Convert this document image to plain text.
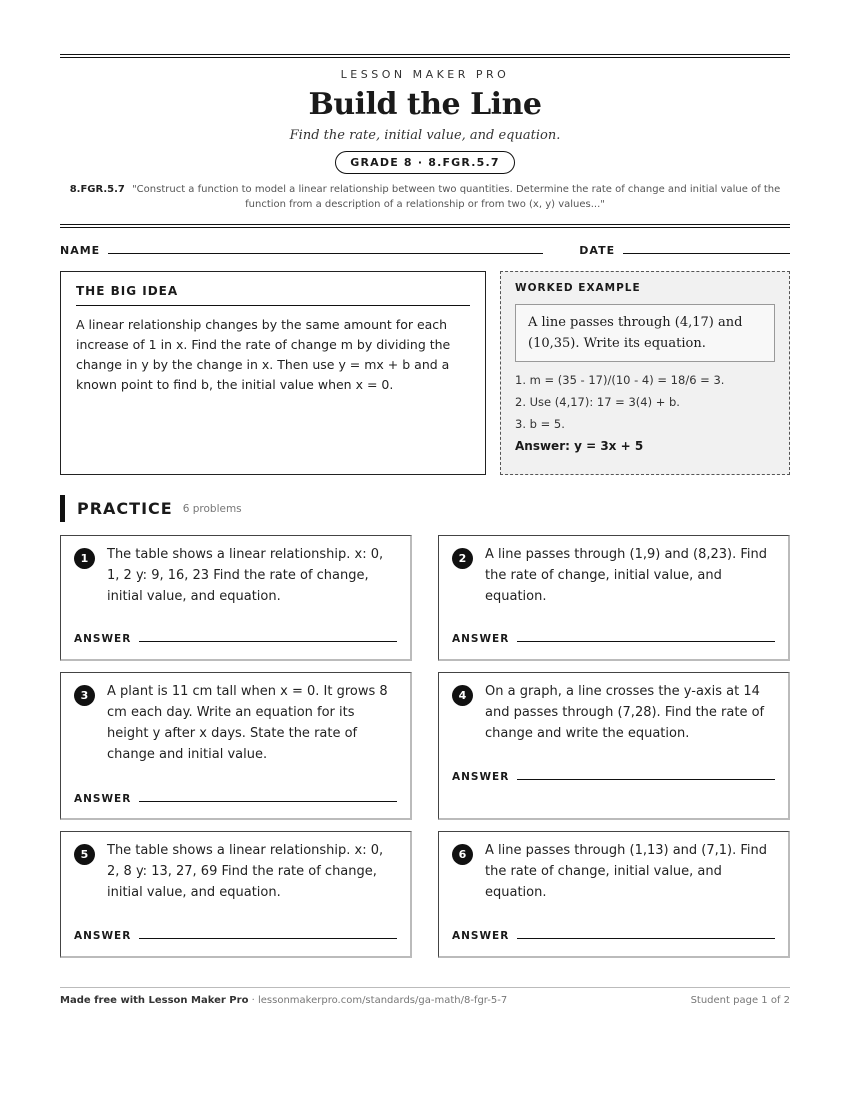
LESSON MAKER PRO
Build the Line
Find the rate, initial value, and equation.
GRADE 8 · 8.FGR.5.7
8.FGR.5.7 "Construct a function to model a linear relationship between two quantities. Determine the rate of change and initial value of the function from a description of a relationship or from two (x, y) values..."
NAME	DATE
THE BIG IDEA

A linear relationship changes by the same amount for each increase of 1 in x. Find the rate of change m by dividing the change in y by the change in x. Then use y = mx + b and a known point to find b, the initial value when x = 0.

WORKED EXAMPLE
A line passes through (4,17) and (10,35). Write its equation.
1. m = (35 - 17)/(10 - 4) = 18/6 = 3.
2. Use (4,17): 17 = 3(4) + b.
3. b = 5.
Answer: y = 3x + 5
PRACTICE 6 problems
1	The table shows a linear relationship. x: 0, 1, 2 y: 9, 16, 23 Find the rate of change, initial value, and equation.
ANSWER
2	A line passes through (1,9) and (8,23). Find the rate of change, initial value, and equation.
ANSWER
3	A plant is 11 cm tall when x = 0. It grows 8 cm each day. Write an equation for its height y after x days. State the rate of change and initial value.
ANSWER
4	On a graph, a line crosses the y-axis at 14 and passes through (7,28). Find the rate of change and write the equation.
ANSWER
5	The table shows a linear relationship. x: 0, 2, 8 y: 13, 27, 69 Find the rate of change, initial value, and equation.
ANSWER
6	A line passes through (1,13) and (7,1). Find the rate of change, initial value, and equation.
ANSWER
Made free with Lesson Maker Pro · lessonmakerpro.com/standards/ga-math/8-fgr-5-7	Student page 1 of 2
